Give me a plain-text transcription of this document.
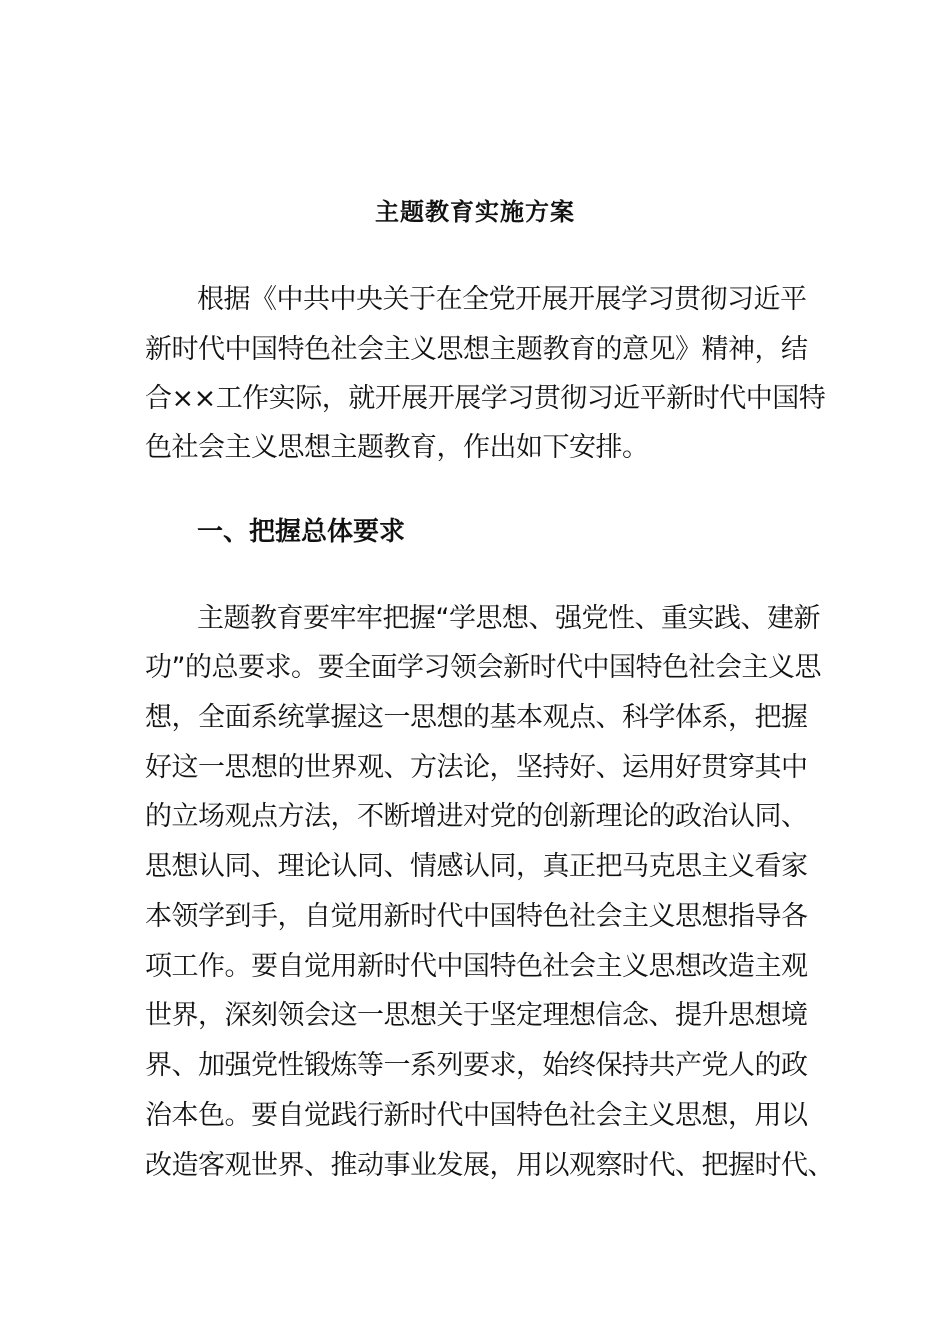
主题教育实施方案
根据《中共中央关于在全党开展开展学习贯彻习近平
新时代中国特色社会主义思想主题教育的意见》精神，结
合××工作实际，就开展开展学习贯彻习近平新时代中国特
色社会主义思想主题教育，作出如下安排。
一、把握总体要求
主题教育要牢牢把握“学思想、强党性、重实践、建新
功”的总要求。要全面学习领会新时代中国特色社会主义思
想，全面系统掌握这一思想的基本观点、科学体系，把握
好这一思想的世界观、方法论，坚持好、运用好贯穿其中
的立场观点方法，不断增进对党的创新理论的政治认同、
思想认同、理论认同、情感认同，真正把马克思主义看家
本领学到手，自觉用新时代中国特色社会主义思想指导各
项工作。要自觉用新时代中国特色社会主义思想改造主观
世界，深刻领会这一思想关于坚定理想信念、提升思想境
界、加强党性锻炼等一系列要求，始终保持共产党人的政
治本色。要自觉践行新时代中国特色社会主义思想，用以
改造客观世界、推动事业发展，用以观察时代、把握时代、
